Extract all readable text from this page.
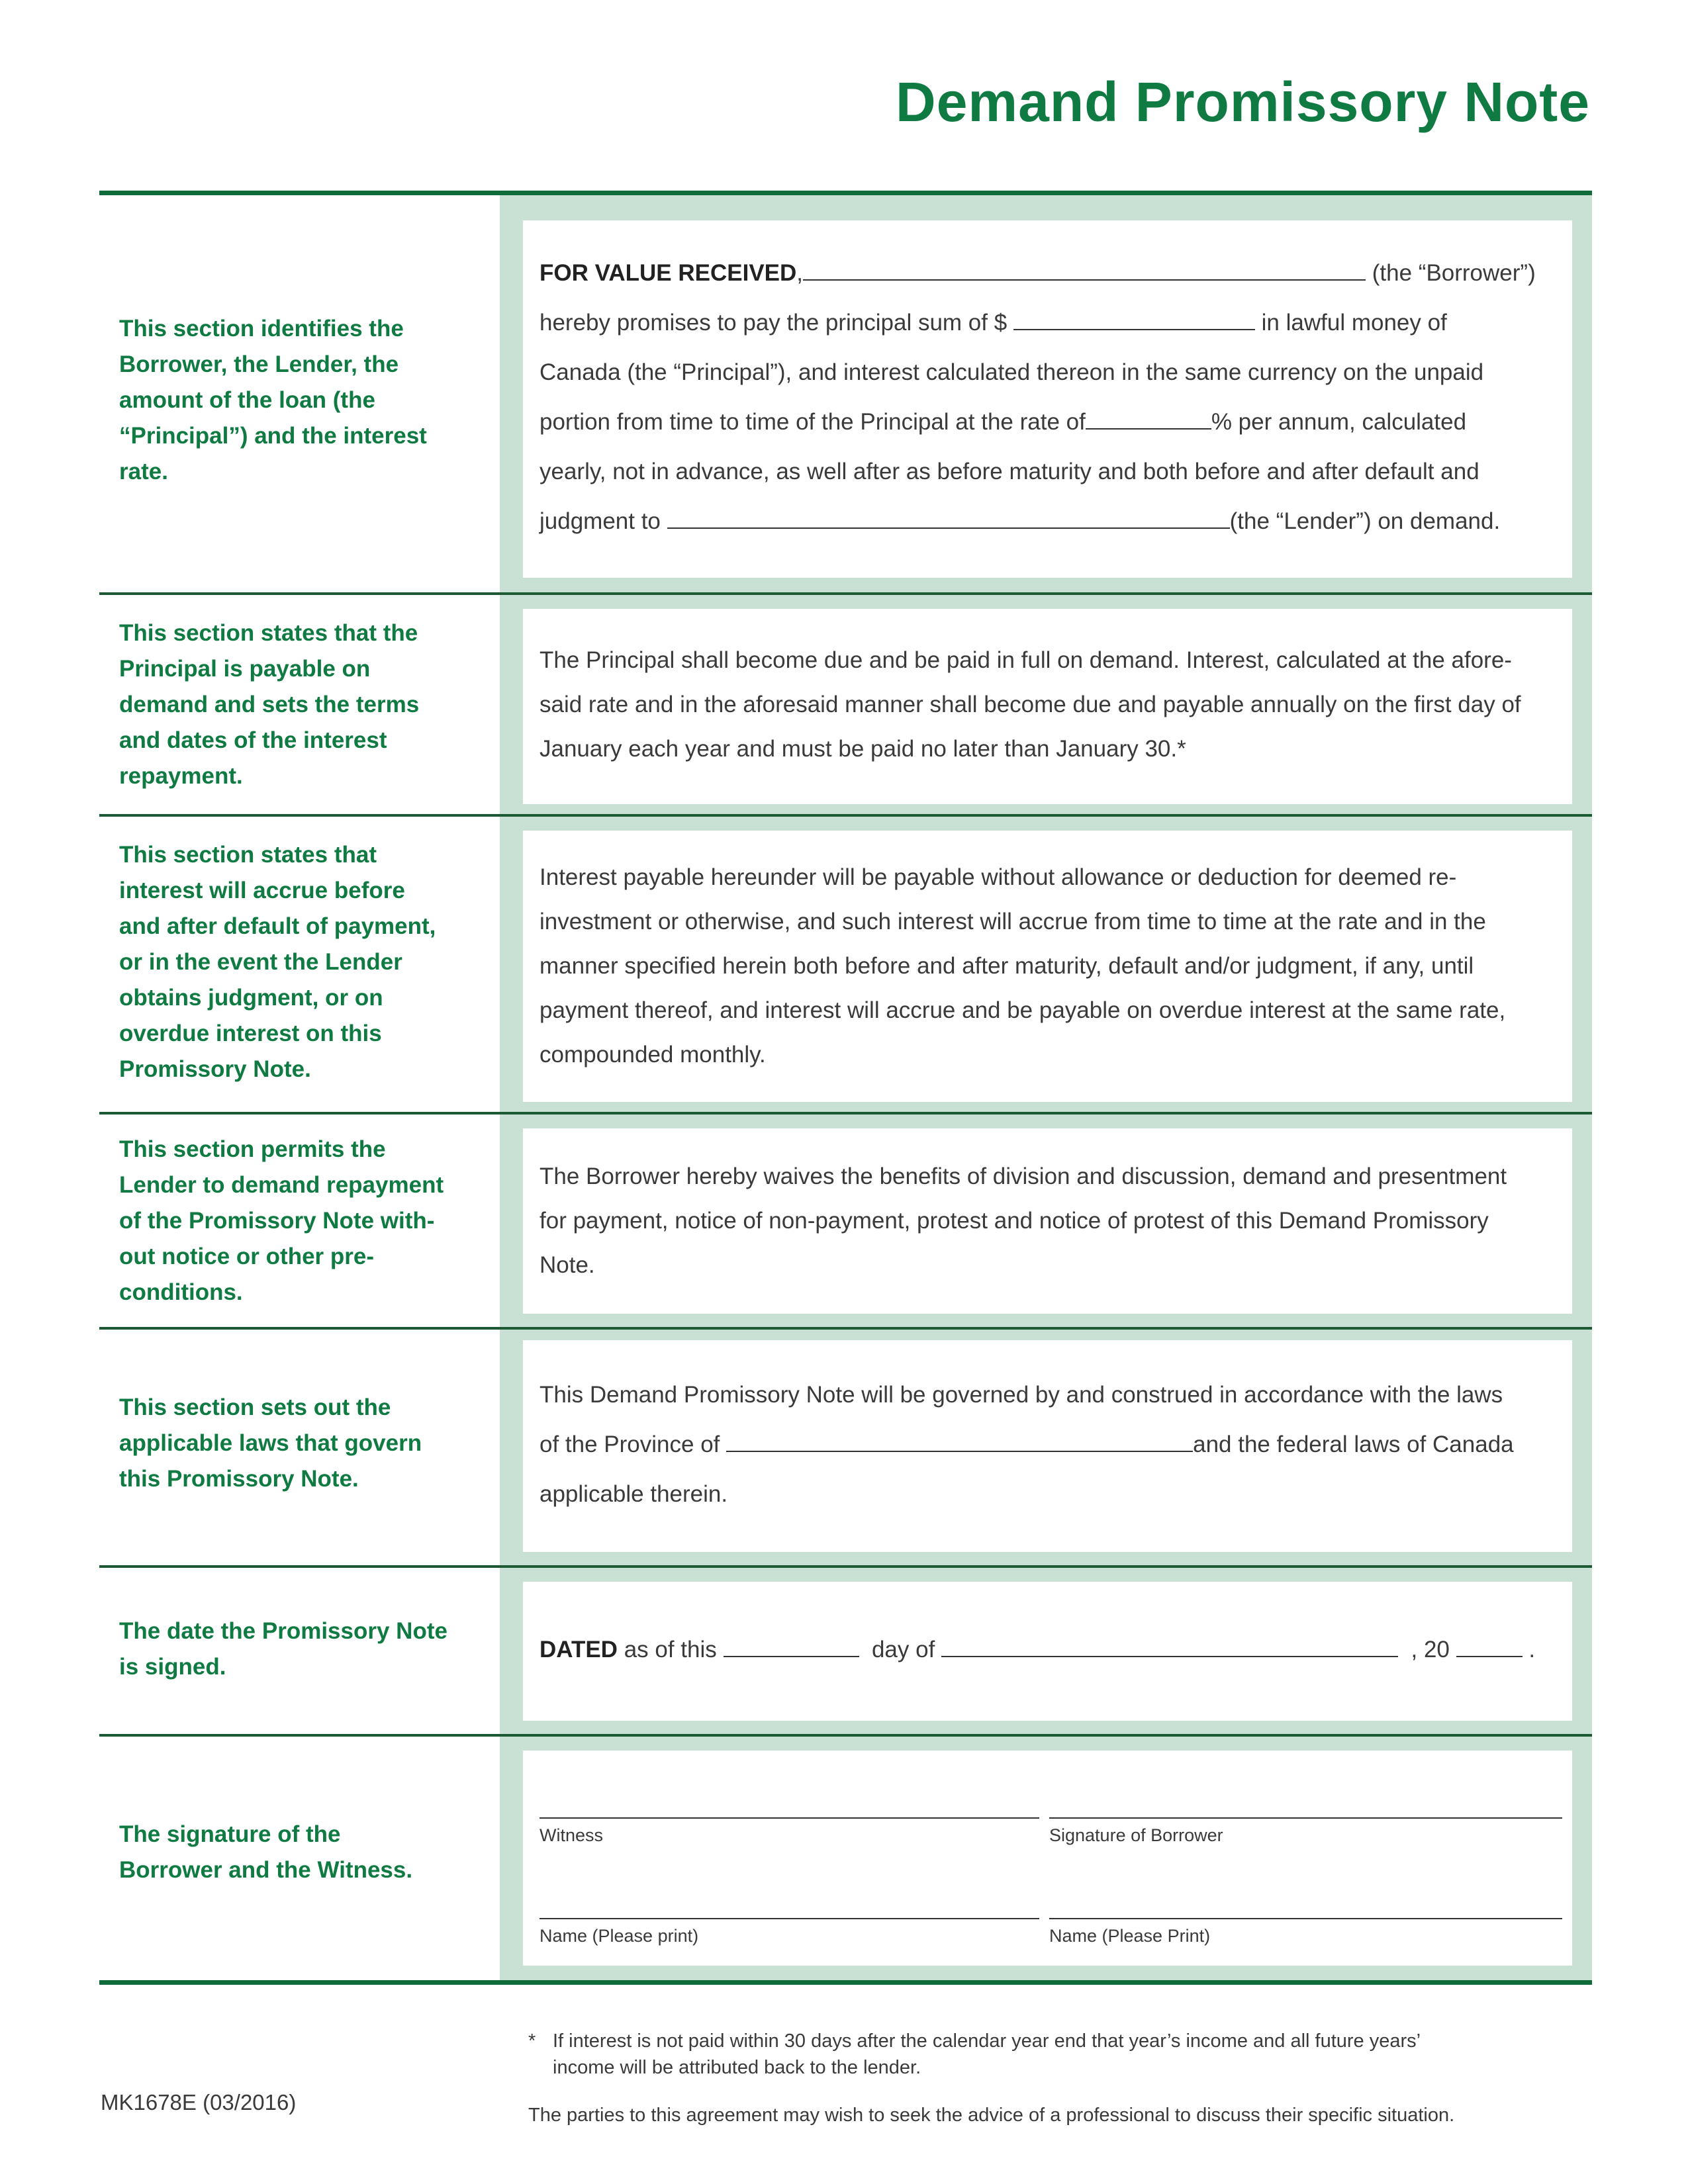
Demand Promissory Note
This section identifies the
Borrower, the Lender, the
amount of the loan (the
“Principal”) and the interest
rate.
FOR VALUE RECEIVED,	(the “Borrower”)
hereby promises to pay the principal sum of $	in lawful money of
Canada (the “Principal”), and interest calculated thereon in the same currency on the unpaid
portion from time to time of the Principal at the rate of	% per annum, calculated
yearly, not in advance, as well after as before maturity and both before and after default and
judgment to	(the “Lender”) on demand.
This section states that the
Principal is payable on
demand and sets the terms
and dates of the interest
repayment.
The Principal shall become due and be paid in full on demand. Interest, calculated at the afore-
said rate and in the aforesaid manner shall become due and payable annually on the first day of
January each year and must be paid no later than January 30.*
This section states that
interest will accrue before
and after default of payment,
or in the event the Lender
obtains judgment, or on
overdue interest on this
Promissory Note.
Interest payable hereunder will be payable without allowance or deduction for deemed re-
investment or otherwise, and such interest will accrue from time to time at the rate and in the
manner specified herein both before and after maturity, default and/or judgment, if any, until
payment thereof, and interest will accrue and be payable on overdue interest at the same rate,
compounded monthly.
This section permits the
Lender to demand repayment
of the Promissory Note with-
out notice or other pre-
conditions.
The Borrower hereby waives the benefits of division and discussion, demand and presentment
for payment, notice of non-payment, protest and notice of protest of this Demand Promissory
Note.
This section sets out the
applicable laws that govern
this Promissory Note.
This Demand Promissory Note will be governed by and construed in accordance with the laws
of the Province of	and the federal laws of Canada
applicable therein.
The date the Promissory Note
is signed.
DATED as of this	day of	, 20	.
The signature of the
Borrower and the Witness.
Witness	Signature of Borrower
Name (Please print)	Name (Please Print)
* If interest is not paid within 30 days after the calendar year end that year’s income and all future years’
income will be attributed back to the lender.
The parties to this agreement may wish to seek the advice of a professional to discuss their specific situation.
MK1678E (03/2016)
